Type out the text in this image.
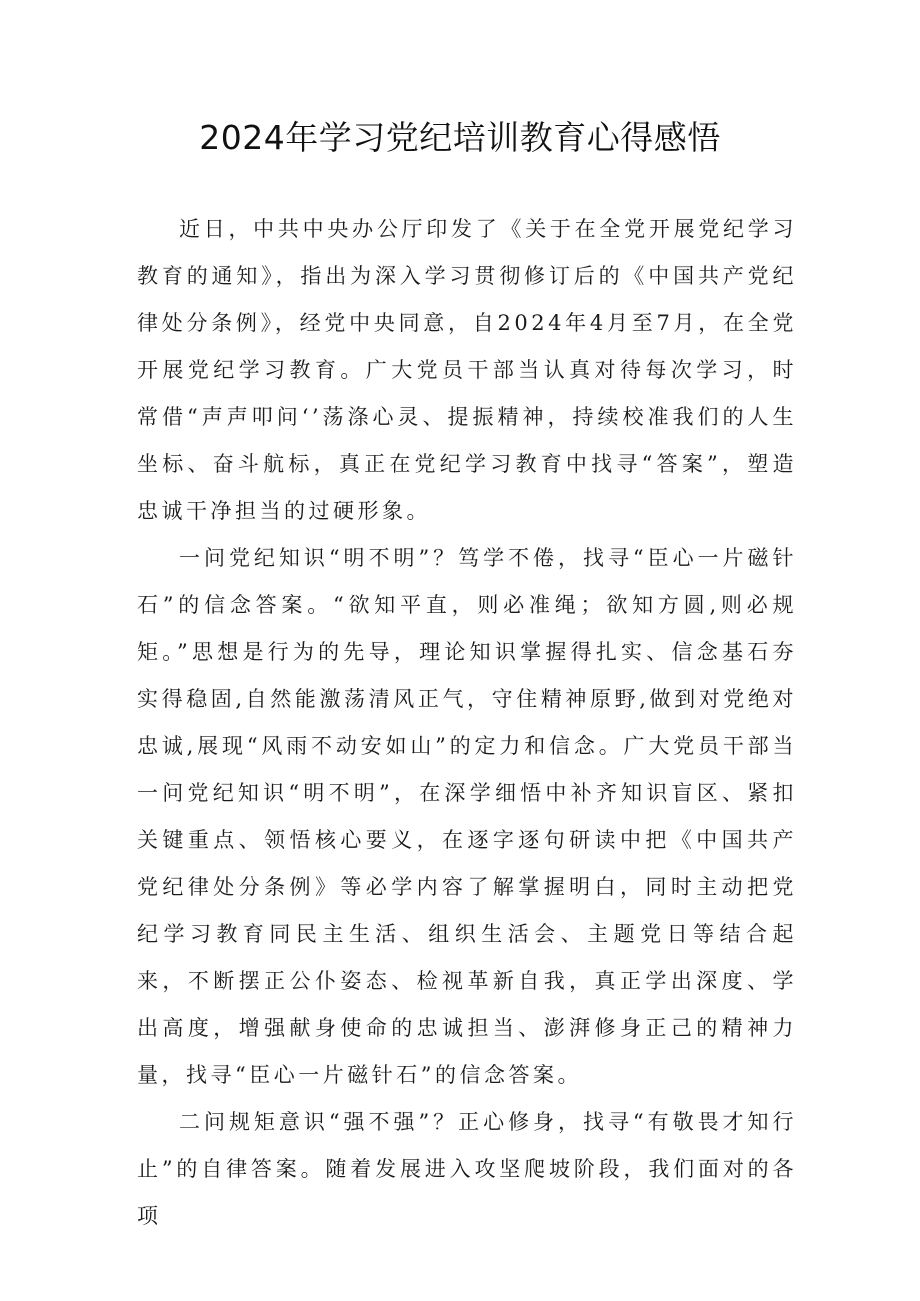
2024年学习党纪培训教育心得感悟

近日，中共中央办公厅印发了《关于在全党开展党纪学习教育的通知》，指出为深入学习贯彻修订后的《中国共产党纪律处分条例》，经党中央同意，自2024年4月至7月，在全党开展党纪学习教育。广大党员干部当认真对待每次学习，时常借“声声叩问‘’荡涤心灵、提振精神，持续校准我们的人生坐标、奋斗航标，真正在党纪学习教育中找寻“答案”，塑造忠诚干净担当的过硬形象。

一问党纪知识“明不明”？笃学不倦，找寻“臣心一片磁针石”的信念答案。“欲知平直，则必准绳；欲知方圆,则必规矩。”思想是行为的先导，理论知识掌握得扎实、信念基石夯实得稳固,自然能激荡清风正气，守住精神原野,做到对党绝对忠诚,展现“风雨不动安如山”的定力和信念。广大党员干部当一问党纪知识“明不明”，在深学细悟中补齐知识盲区、紧扣关键重点、领悟核心要义，在逐字逐句研读中把《中国共产党纪律处分条例》等必学内容了解掌握明白，同时主动把党纪学习教育同民主生活、组织生活会、主题党日等结合起来，不断摆正公仆姿态、检视革新自我，真正学出深度、学出高度，增强献身使命的忠诚担当、澎湃修身正己的精神力量，找寻“臣心一片磁针石”的信念答案。

二问规矩意识“强不强”？正心修身，找寻“有敬畏才知行止”的自律答案。随着发展进入攻坚爬坡阶段，我们面对的各项
